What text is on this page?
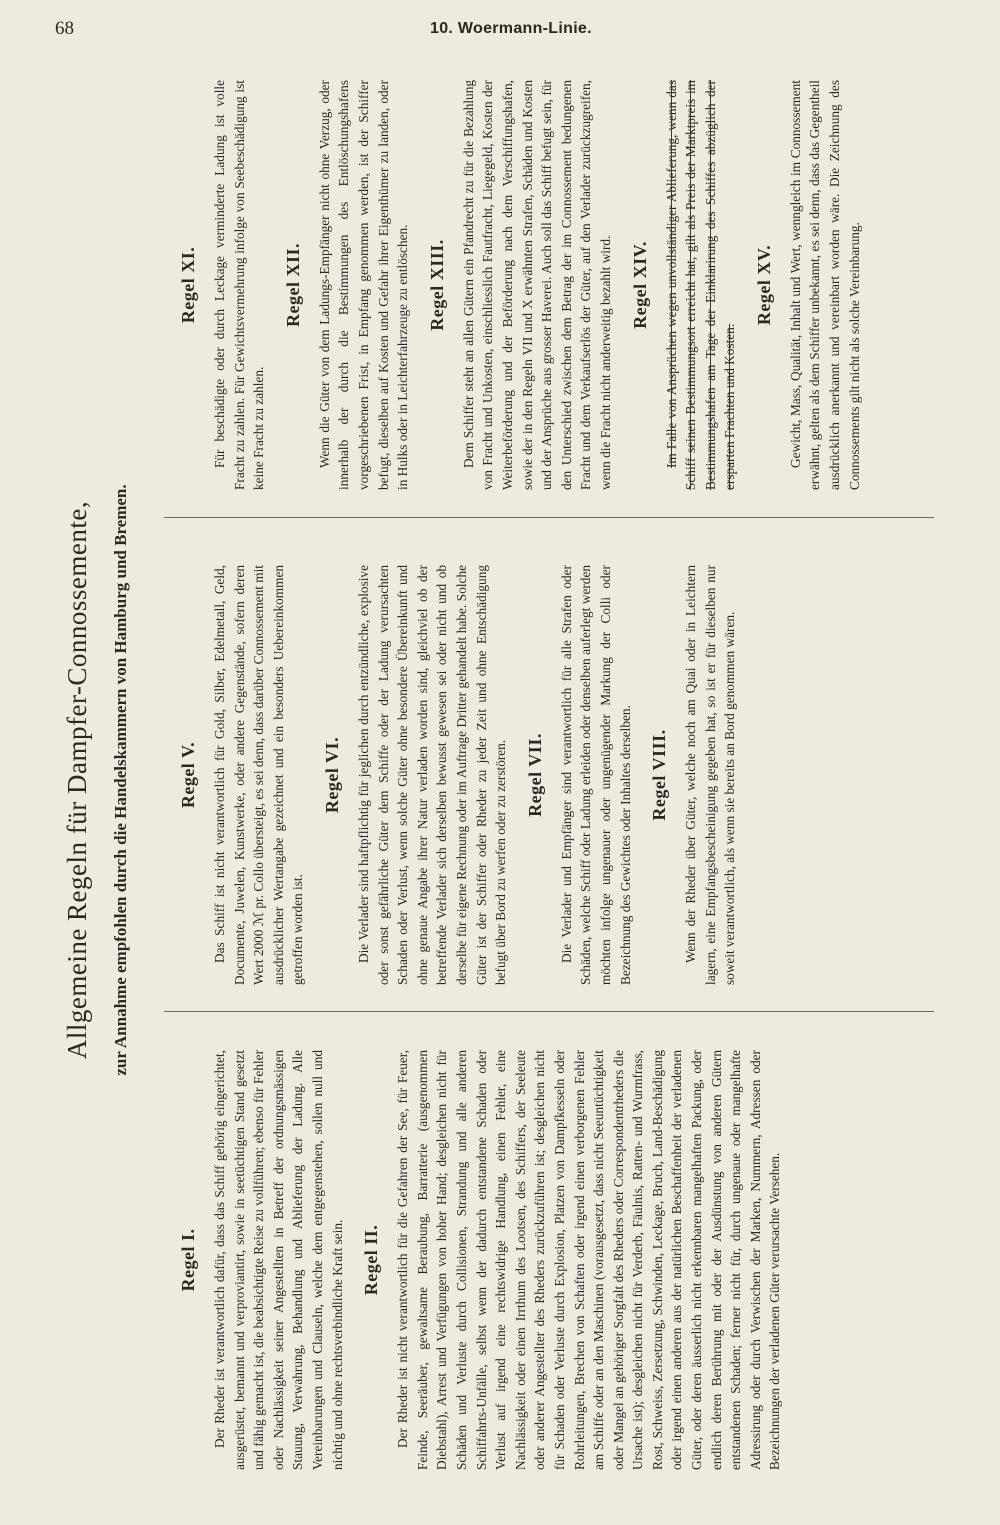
68	10. Woermann-Linie.
Allgemeine Regeln für Dampfer-Connossemente, zur Annahme empfohlen durch die Handelskammern von Hamburg und Bremen.
Regel I. Der Rheder ist verantwortlich dafür, dass das Schiff gehörig eingerichtet, ausgerüstet, bemannt und verproviantirt, sowie in seetüchtigen Stand gesetzt und fähig gemacht ist, die beabsichtigte Reise zu vollführen; ebenso für Fehler oder Nachlässigkeit seiner Angestellten in Betreff der ordnungsmässigen Stauung, Verwahrung, Behandlung und Ablieferung der Ladung. Alle Vereinbarungen und Clauseln, welche dem entgegenstehen, sollen null und nichtig und ohne rechtsverbindliche Kraft sein. Regel II. Der Rheder ist nicht verantwortlich für die Gefahren der See, für Feuer, Feinde, Seeräuber, gewaltsame Beraubung, Barratterie (ausgenommen Diebstahl), Arrest und Verfügungen von hoher Hand; desgleichen nicht für Schäden und Verluste durch Collisionen, Strandung und alle anderen Schiffahrts-Unfälle, selbst wenn der dadurch entstandene Schaden oder Verlust auf irgend eine rechtswidrige Handlung, einen Fehler, eine Nachlässigkeit oder einen Irrthum des Lootsen, des Schiffers, der Seeleute oder anderer Angestellter des Rheders zurückzuführen ist; desgleichen nicht für Schaden oder Verluste durch Explosion, Platzen von Dampfkesseln oder Rohrleitungen, Brechen von Schaften oder irgend einen verborgenen Fehler am Schiffe oder an den Maschinen (vorausgesetzt, dass nicht Seeuntüchtigkeit oder Mangel an gehöriger Sorgfalt des Rheders oder Correspondentrheders die Ursache ist); desgleichen nicht für Verderb, Fäulnis, Ratten- und Wurmfrass, Rost, Schweiss, Zersetzung, Schwinden, Leckage, Bruch, Land-Beschädigung oder irgend einen anderen aus der natürlichen Beschaffenheit der verladenen Güter, oder deren äusserlich nicht erkennbaren mangelhaften Packung, oder endlich deren Berührung mit oder der Ausdünstung von anderen Gütern entstandenen Schaden; ferner nicht für, durch ungenaue oder mangelhafte Adressirung oder durch Verwischen der Marken, Nummern, Adressen oder Bezeichnungen der verladenen Güter verursachte Versehen.

Regel V. Das Schiff ist nicht verantwortlich für Gold, Silber, Edelmetall, Geld, Documente, Juwelen, Kunstwerke, oder andere Gegenstände, sofern deren Wert 2000 ℳ pr. Collo übersteigt, es sei denn, dass darüber Connossement mit ausdrücklicher Wertangabe gezeichnet und ein besonders Uebereinkommen getroffen worden ist.

Regel VI. Die Verlader sind haftpflichtig für jeglichen durch entzündliche, explosive oder sonst gefährliche Güter dem Schiffe oder der Ladung verursachten Schaden oder Verlust, wenn solche Güter ohne besondere Übereinkunft und ohne genaue Angabe ihrer Natur verladen worden sind, gleichviel ob der betreffende Verlader sich derselben bewusst gewesen sei oder nicht und ob derselbe für eigene Rechnung oder im Auftrage Dritter gehandelt habe. Solche Güter ist der Schiffer oder Rheder zu jeder Zeit und ohne Entschädigung befugt über Bord zu werfen oder zu zerstören. Regel VII. Die Verlader und Empfänger sind verantwortlich für alle Strafen oder Schäden, welche Schiff oder Ladung erleiden oder denselben auferlegt werden möchten infolge ungenauer oder ungenügender Markung der Colli oder Bezeichnung des Gewichtes oder Inhaltes derselben. Regel VIII. Wenn der Rheder über Güter, welche noch am Quai oder in Leichtern lagern, eine Empfangsbescheinigung gegeben hat, so ist er für dieselben nur soweit verantwortlich, als wenn sie bereits an Bord genommen wären.

Regel XI. Für beschädigte oder durch Leckage verminderte Ladung ist volle Fracht zu zahlen. Für Gewichtsvermehrung infolge von Seebeschädigung ist keine Fracht zu zahlen.

Regel XII. Wenn die Güter von dem Ladungs-Empfänger nicht ohne Verzug, oder innerhalb der durch die Bestimmungen des Entlöschungshafens vorgeschriebenen Frist, in Empfang genommen werden, ist der Schiffer befugt, dieselben auf Kosten und Gefahr ihrer Eigenthümer zu landen, oder in Hulks oder in Leichterfahrzeuge zu entlöschen. Regel XIII. Dem Schiffer steht an allen Gütern ein Pfandrecht zu für die Bezahlung von Fracht und Unkosten, einschliesslich Fautfracht, Liegegeld, Kosten der Weiterbeförderung und der Beförderung nach dem Verschiffungshafen, sowie der in den Regeln VII und X erwähnten Strafen, Schäden und Kosten und der Ansprüche aus grosser Haverei. Auch soll das Schiff befugt sein, für den Unterschied zwischen dem Betrag der im Connossement bedungenen Fracht und dem Verkaufserlös der Güter, auf den Verlader zurückzugreifen, wenn die Fracht nicht anderweitig bezahlt wird. Regel XIV. Im Falle von Ansprüchen wegen unvollständiger Ablieferung, wenn das Schiff seinen Bestimmungsort erreicht hat, gilt als Preis der Marktpreis im Bestimmungshafen am Tage der Einklarirung des Schiffes abzüglich der ersparten Frachten und Kosten.

Regel XV. Gewicht, Mass, Qualität, Inhalt und Wert, wenngleich im Connossement erwähnt, gelten als dem Schiffer unbekannt, es sei denn, dass das Gegentheil ausdrücklich anerkannt und vereinbart worden wäre. Die Zeichnung des Connossements gilt nicht als solche Vereinbarung.
